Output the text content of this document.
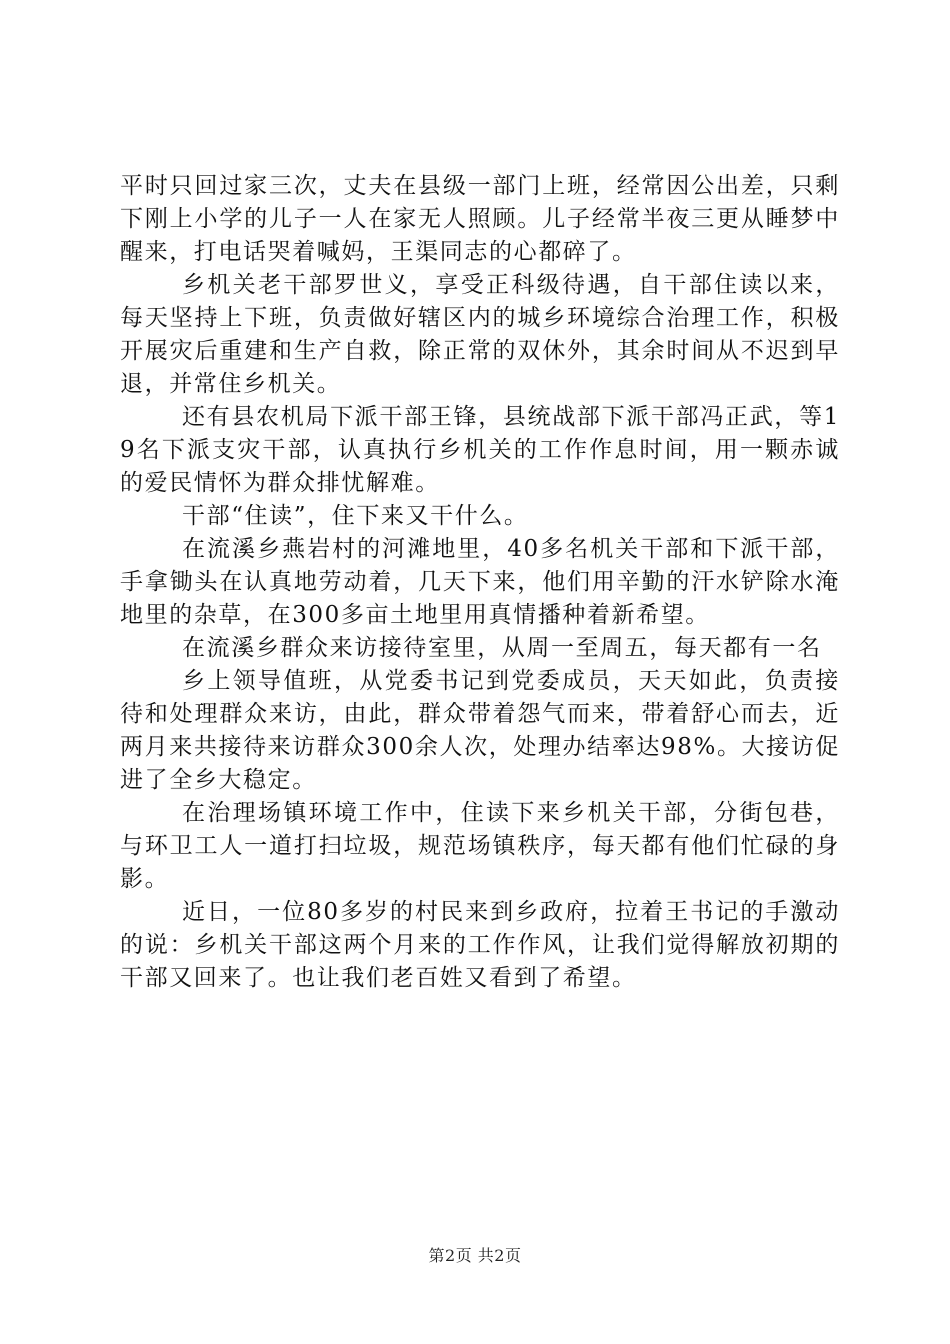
平时只回过家三次，丈夫在县级一部门上班，经常因公出差，只剩下刚上小学的儿子一人在家无人照顾。儿子经常半夜三更从睡梦中醒来，打电话哭着喊妈，王渠同志的心都碎了。

乡机关老干部罗世义，享受正科级待遇，自干部住读以来，每天坚持上下班，负责做好辖区内的城乡环境综合治理工作，积极开展灾后重建和生产自救，除正常的双休外，其余时间从不迟到早退，并常住乡机关。

还有县农机局下派干部王锋，县统战部下派干部冯正武，等19名下派支灾干部，认真执行乡机关的工作作息时间，用一颗赤诚的爱民情怀为群众排忧解难。

干部“住读”，住下来又干什么。

在流溪乡燕岩村的河滩地里，40多名机关干部和下派干部，手拿锄头在认真地劳动着，几天下来，他们用辛勤的汗水铲除水淹地里的杂草，在300多亩土地里用真情播种着新希望。

在流溪乡群众来访接待室里，从周一至周五，每天都有一名

乡上领导值班，从党委书记到党委成员，天天如此，负责接待和处理群众来访，由此，群众带着怨气而来，带着舒心而去，近两月来共接待来访群众300余人次，处理办结率达98%。大接访促进了全乡大稳定。

在治理场镇环境工作中，住读下来乡机关干部，分街包巷，与环卫工人一道打扫垃圾，规范场镇秩序，每天都有他们忙碌的身影。

近日，一位80多岁的村民来到乡政府，拉着王书记的手激动的说：乡机关干部这两个月来的工作作风，让我们觉得解放初期的干部又回来了。也让我们老百姓又看到了希望。

第2页 共2页
